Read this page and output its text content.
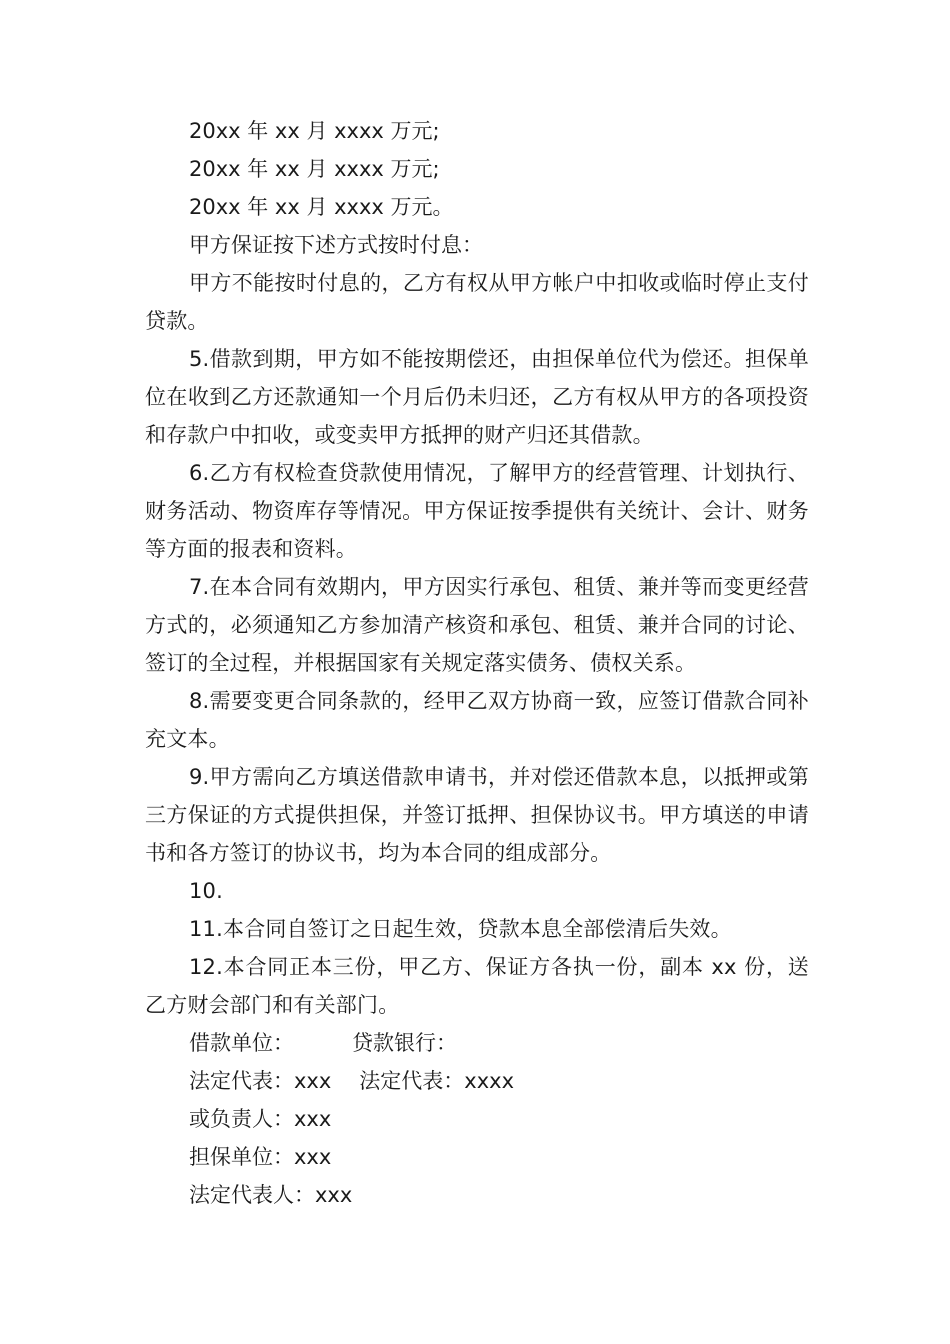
20xx 年 xx 月 xxxx 万元;

20xx 年 xx 月 xxxx 万元;

20xx 年 xx 月 xxxx 万元。

甲方保证按下述方式按时付息：

甲方不能按时付息的，乙方有权从甲方帐户中扣收或临时停止支付贷款。

5.借款到期，甲方如不能按期偿还，由担保单位代为偿还。担保单位在收到乙方还款通知一个月后仍未归还，乙方有权从甲方的各项投资和存款户中扣收，或变卖甲方抵押的财产归还其借款。

6.乙方有权检查贷款使用情况，了解甲方的经营管理、计划执行、财务活动、物资库存等情况。甲方保证按季提供有关统计、会计、财务等方面的报表和资料。

7.在本合同有效期内，甲方因实行承包、租赁、兼并等而变更经营方式的，必须通知乙方参加清产核资和承包、租赁、兼并合同的讨论、签订的全过程，并根据国家有关规定落实债务、债权关系。

8.需要变更合同条款的，经甲乙双方协商一致，应签订借款合同补充文本。

9.甲方需向乙方填送借款申请书，并对偿还借款本息，以抵押或第三方保证的方式提供担保，并签订抵押、担保协议书。甲方填送的申请书和各方签订的协议书，均为本合同的组成部分。

10.

11.本合同自签订之日起生效，贷款本息全部偿清后失效。

12.本合同正本三份，甲乙方、保证方各执一份，副本 xx 份，送乙方财会部门和有关部门。

借款单位：	贷款银行：
法定代表：xxx 法定代表：xxxx
或负责人：xxx
担保单位：xxx
法定代表人：xxx
